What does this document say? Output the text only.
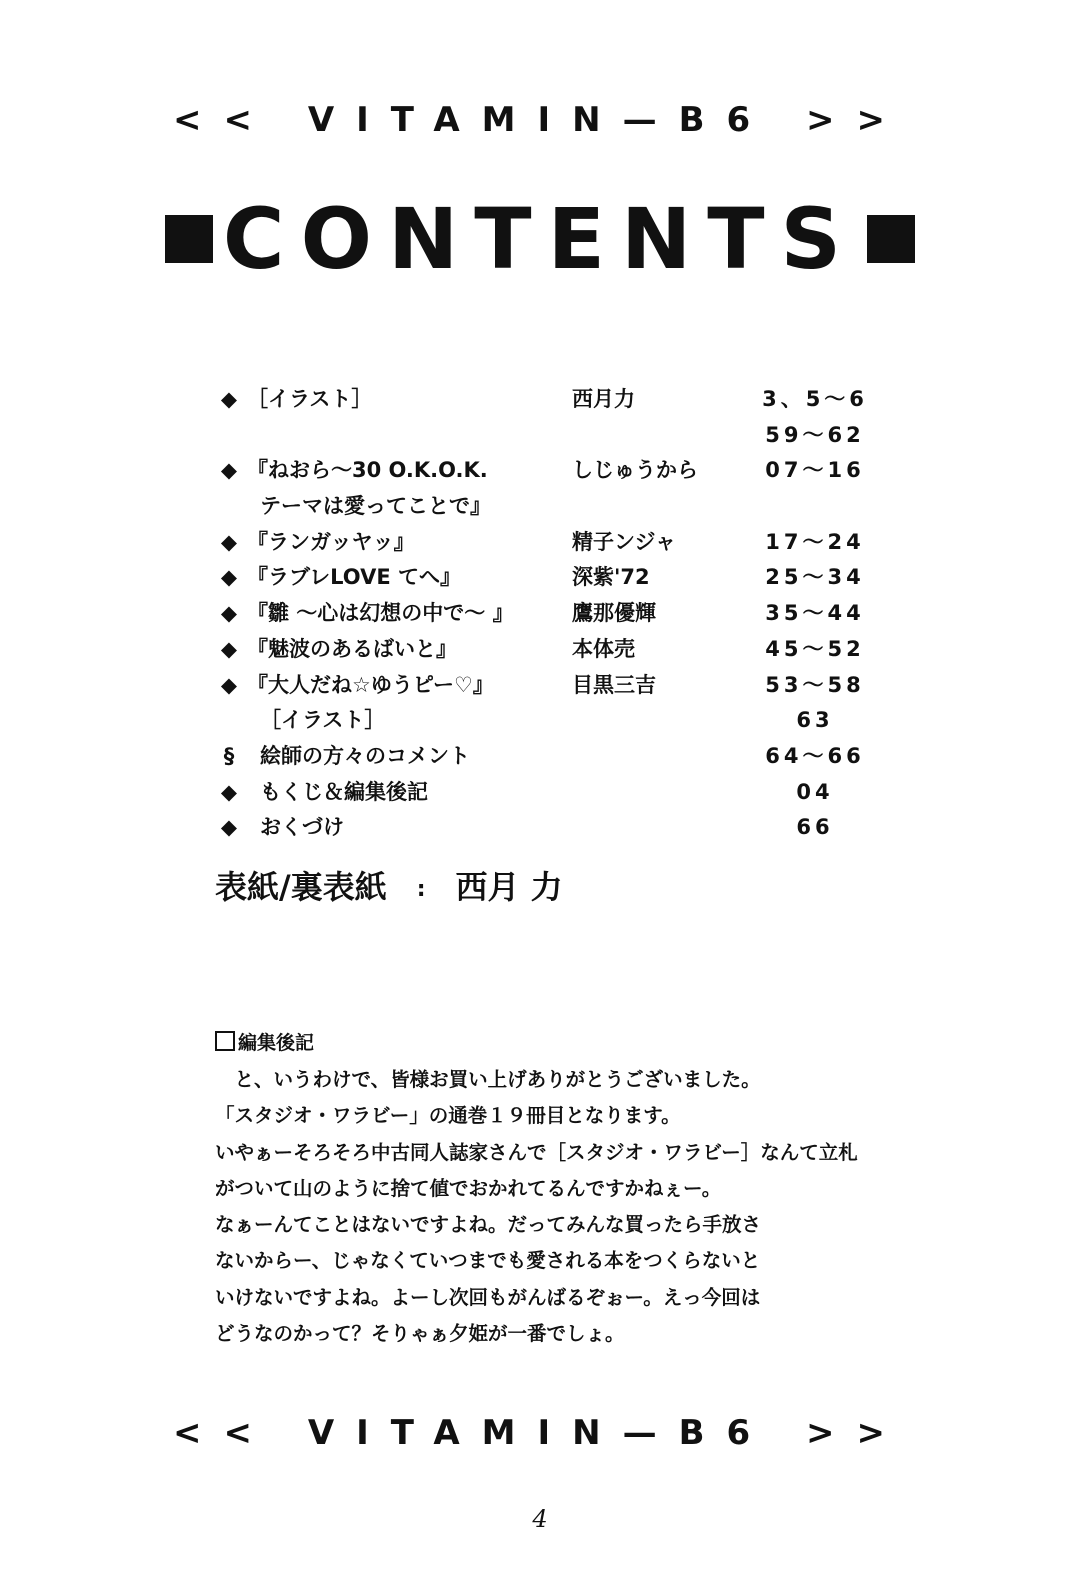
<< VITAMIN—B6 >>
CONTENTS
◆ ［イラスト］	西月力	3、5～6
59～62
◆ 『ねおら～30 O.K.O.K.	しじゅうから	07～16
テーマは愛ってことで』
◆ 『ランガッヤッ』	精子ンジャ	17～24
◆ 『ラブレLOVE てへ』	深紫'72	25～34
◆ 『雛 ～心は幻想の中で～ 』	鷹那優輝	35～44
◆ 『魅波のあるばいと』	本体売	45～52
◆ 『大人だね☆ゆうピー♡』	目黒三吉	53～58
［イラスト］	63
§	絵師の方々のコメント	64～66
◆ もくじ＆編集後記	04
◆ おくづけ	66
表紙/裏表紙 : 西月 力
編集後記
　と、いうわけで、皆様お買い上げありがとうございました。
「スタジオ・ワラビー」の通巻１９冊目となります。
いやぁーそろそろ中古同人誌家さんで［スタジオ・ワラビー］なんて立札
がついて山のように捨て値でおかれてるんですかねぇー。
なぁーんてことはないですよね。だってみんな買ったら手放さ
ないからー、じゃなくていつまでも愛される本をつくらないと
いけないですよね。よーし次回もがんばるぞぉー。えっ今回は
どうなのかって？そりゃぁ夕姫が一番でしょ。
<< VITAMIN—B6 >>
4
